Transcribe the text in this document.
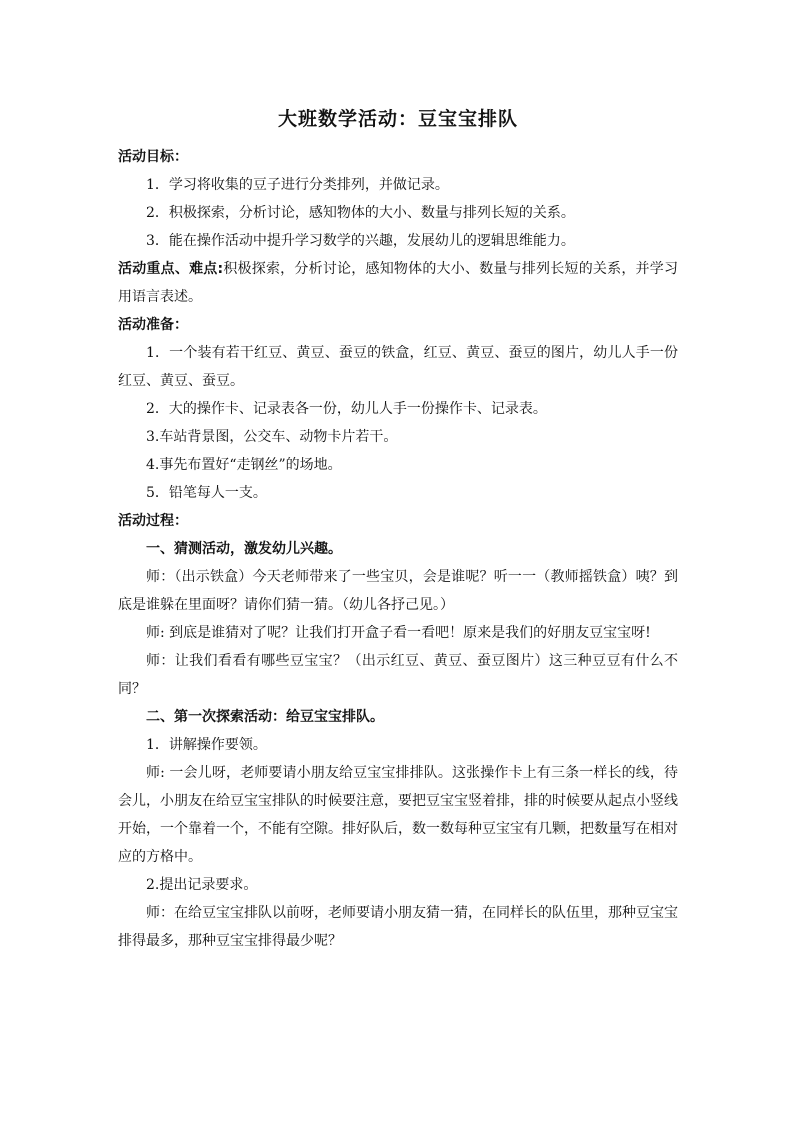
大班数学活动：豆宝宝排队

活动目标：

1．学习将收集的豆子进行分类排列，并做记录。

2．积极探索，分析讨论，感知物体的大小、数量与排列长短的关系。

3．能在操作活动中提升学习数学的兴趣，发展幼儿的逻辑思维能力。

活动重点、难点:积极探索，分析讨论，感知物体的大小、数量与排列长短的关系，并学习用语言表述。

活动准备：

1．一个装有若干红豆、黄豆、蚕豆的铁盒，红豆、黄豆、蚕豆的图片，幼儿人手一份红豆、黄豆、蚕豆。

2．大的操作卡、记录表各一份，幼儿人手一份操作卡、记录表。

3.车站背景图，公交车、动物卡片若干。

4.事先布置好“走钢丝”的场地。

5．铅笔每人一支。

活动过程：

一、猜测活动，激发幼儿兴趣。

师：（出示铁盒）今天老师带来了一些宝贝，会是谁呢？听一一（教师摇铁盒）咦？到底是谁躲在里面呀？请你们猜一猜。（幼儿各抒己见。）

师: 到底是谁猜对了呢？让我们打开盒子看一看吧！原来是我们的好朋友豆宝宝呀!

师：让我们看看有哪些豆宝宝？（出示红豆、黄豆、蚕豆图片）这三种豆豆有什么不同？

二、第一次探索活动：给豆宝宝排队。

1．讲解操作要领。

师: 一会儿呀，老师要请小朋友给豆宝宝排排队。这张操作卡上有三条一样长的线，待会儿，小朋友在给豆宝宝排队的时候要注意，要把豆宝宝竖着排，排的时候要从起点小竖线开始，一个靠着一个，不能有空隙。排好队后，数一数每种豆宝宝有几颗，把数量写在相对应的方格中。

2.提出记录要求。

师：在给豆宝宝排队以前呀，老师要请小朋友猜一猜，在同样长的队伍里，那种豆宝宝排得最多，那种豆宝宝排得最少呢？
